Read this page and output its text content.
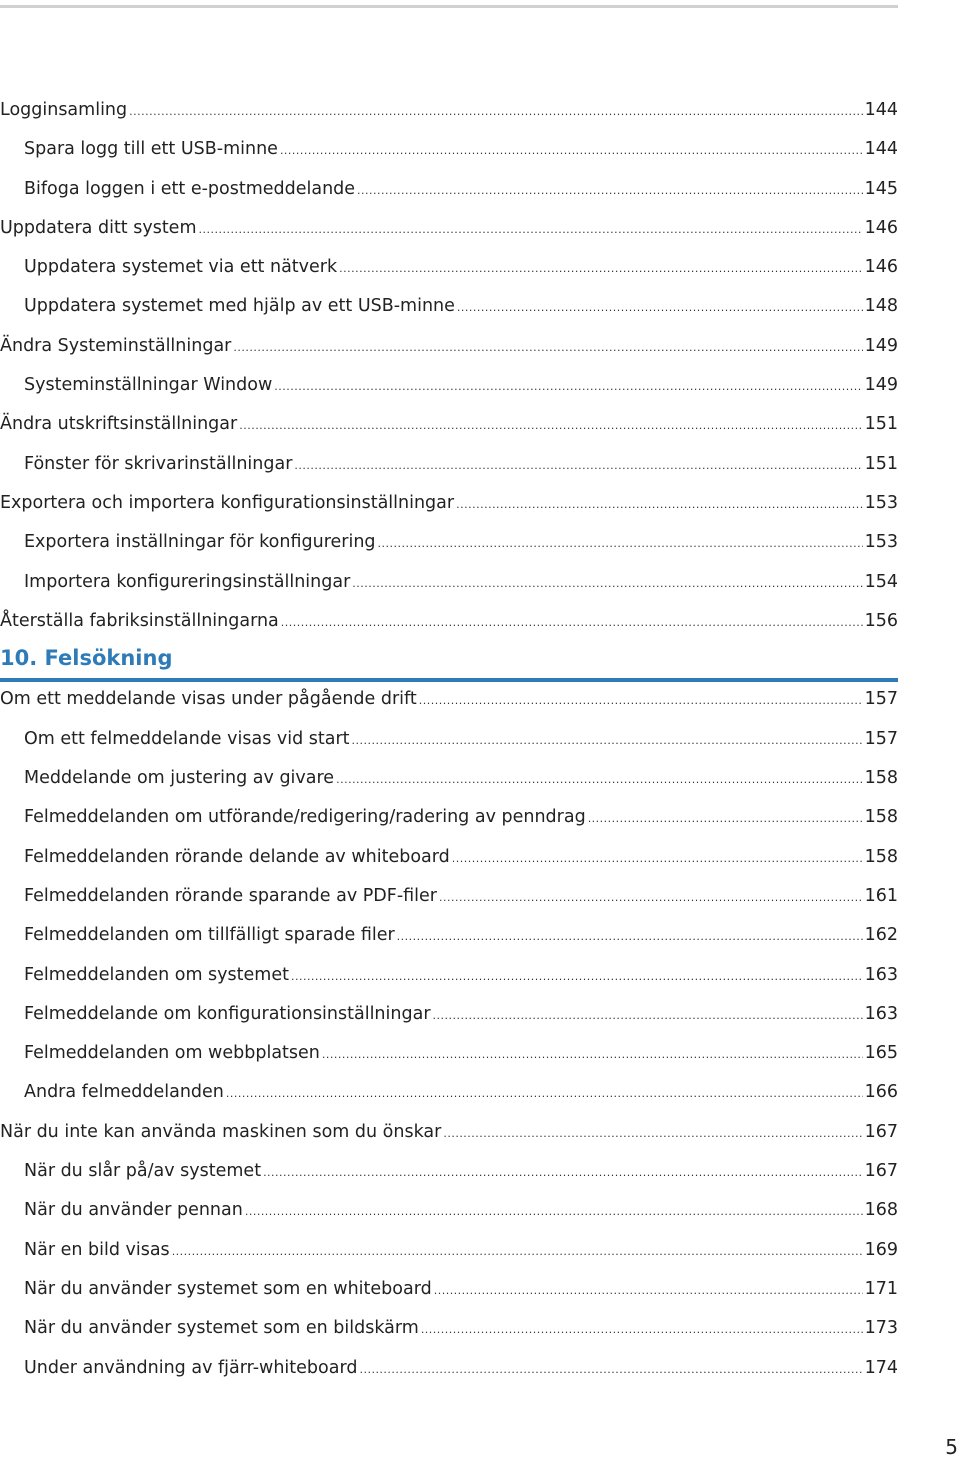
Logginsamling .....	144
Spara logg till ett USB-minne .....	144
Bifoga loggen i ett e-postmeddelande .....	145
Uppdatera ditt system .....	146
Uppdatera systemet via ett nätverk .....	146
Uppdatera systemet med hjälp av ett USB-minne .....	148
Ändra Systeminställningar .....	149
Systeminställningar Window .....	149
Ändra utskriftsinställningar .....	151
Fönster för skrivarinställningar .....	151
Exportera och importera konfigurationsinställningar .....	153
Exportera inställningar för konfigurering .....	153
Importera konfigureringsinställningar .....	154
Återställa fabriksinställningarna .....	156
10. Felsökning
Om ett meddelande visas under pågående drift .....	157
Om ett felmeddelande visas vid start .....	157
Meddelande om justering av givare .....	158
Felmeddelanden om utförande/redigering/radering av penndrag .....	158
Felmeddelanden rörande delande av whiteboard .....	158
Felmeddelanden rörande sparande av PDF-filer .....	161
Felmeddelanden om tillfälligt sparade filer .....	162
Felmeddelanden om systemet .....	163
Felmeddelande om konfigurationsinställningar .....	163
Felmeddelanden om webbplatsen .....	165
Andra felmeddelanden .....	166
När du inte kan använda maskinen som du önskar .....	167
När du slår på/av systemet .....	167
När du använder pennan .....	168
När en bild visas .....	169
När du använder systemet som en whiteboard .....	171
När du använder systemet som en bildskärm .....	173
Under användning av fjärr-whiteboard .....	174
5
